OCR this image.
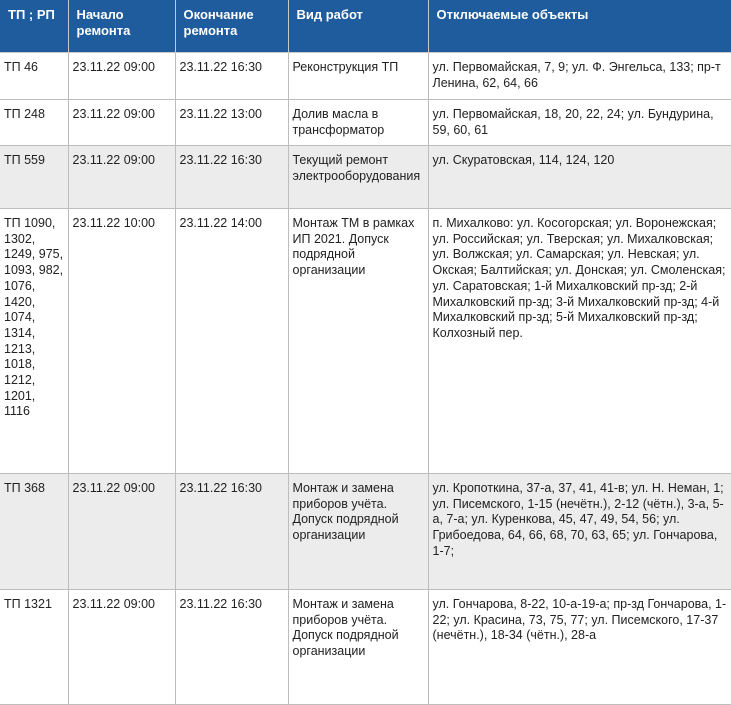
ТП ; РП	Начало ремонта	Окончание ремонта	Вид работ	Отключаемые объекты
ТП 46	23.11.22 09:00	23.11.22 16:30	Реконструкция ТП	ул. Первомайская, 7, 9; ул. Ф. Энгельса, 133; пр-т Ленина, 62, 64, 66
ТП 248	23.11.22 09:00	23.11.22 13:00	Долив масла в трансформатор	ул. Первомайская, 18, 20, 22, 24; ул. Бундурина, 59, 60, 61
ТП 559	23.11.22 09:00	23.11.22 16:30	Текущий ремонт электрооборудования	ул. Скуратовская, 114, 124, 120
ТП 1090, 1302, 1249, 975, 1093, 982, 1076, 1420, 1074, 1314, 1213, 1018, 1212, 1201, 1116	23.11.22 10:00	23.11.22 14:00	Монтаж ТМ в рамках ИП 2021. Допуск подрядной организации	п. Михалково: ул. Косогорская; ул. Воронежская; ул. Российская; ул. Тверская; ул. Михалковская; ул. Волжская; ул. Самарская; ул. Невская; ул. Окская; Балтийская; ул. Донская; ул. Смоленская; ул. Саратовская; 1-й Михалковский пр-зд; 2-й Михалковский пр-зд; 3-й Михалковский пр-зд; 4-й Михалковский пр-зд; 5-й Михалковский пр-зд; Колхозный пер.
ТП 368	23.11.22 09:00	23.11.22 16:30	Монтаж и замена приборов учёта. Допуск подрядной организации	ул. Кропоткина, 37-а, 37, 41, 41-в; ул. Н. Неман, 1; ул. Писемского, 1-15 (нечётн.), 2-12 (чётн.), 3-а, 5-а, 7-а; ул. Куренкова, 45, 47, 49, 54, 56; ул. Грибоедова, 64, 66, 68, 70, 63, 65; ул. Гончарова, 1-7;
ТП 1321	23.11.22 09:00	23.11.22 16:30	Монтаж и замена приборов учёта. Допуск подрядной организации	ул. Гончарова, 8-22, 10-а-19-а; пр-зд Гончарова, 1-22; ул. Красина, 73, 75, 77; ул. Писемского, 17-37 (нечётн.), 18-34 (чётн.), 28-а
